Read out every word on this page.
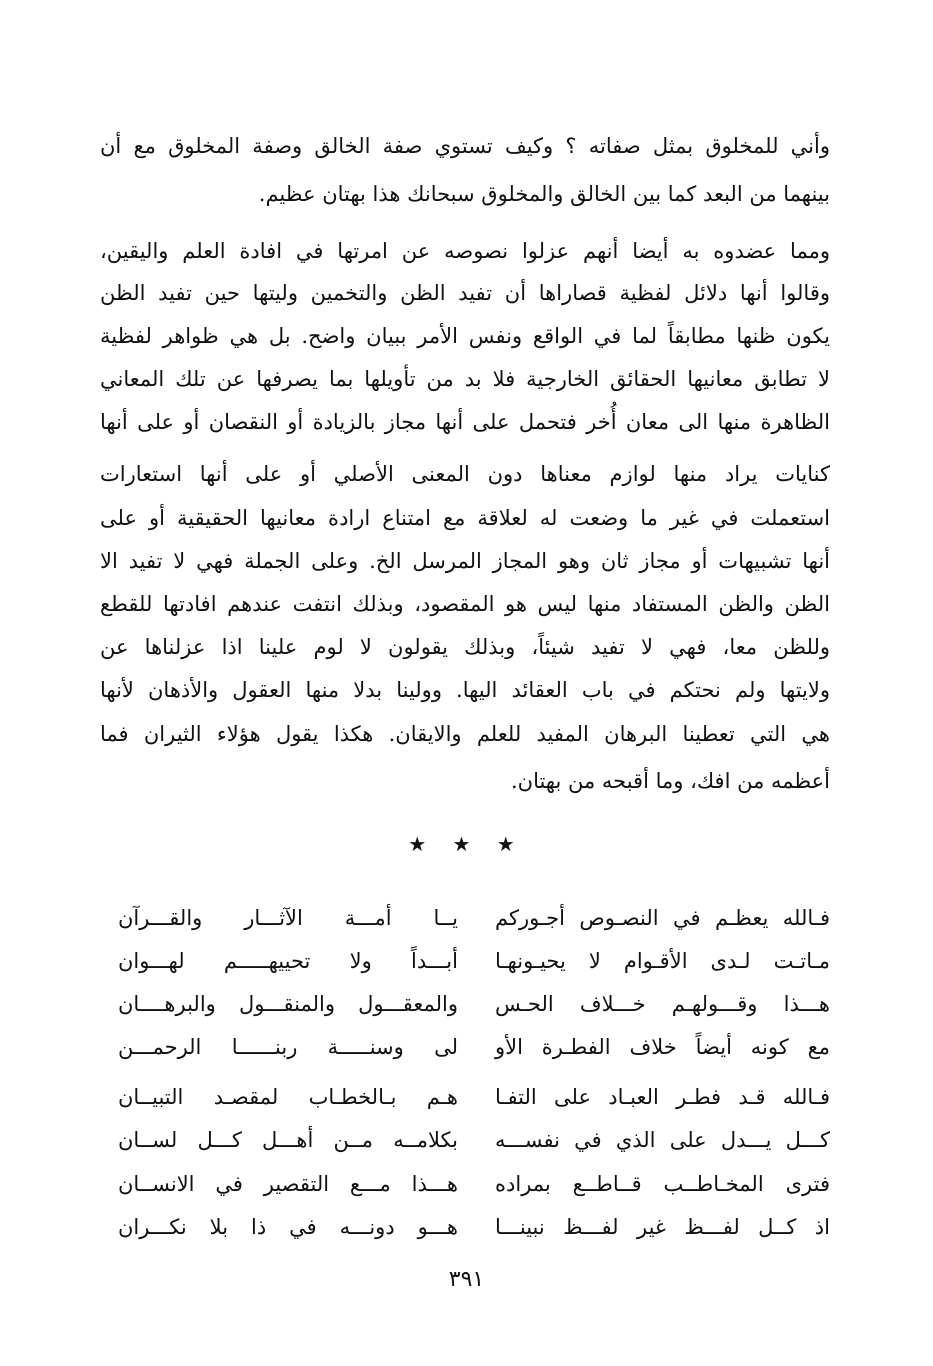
وأني للمخلوق بمثل صفاته ؟ وكيف تستوي صفة الخالق وصفة المخلوق مع أن
بينهما من البعد كما بين الخالق والمخلوق سبحانك هذا بهتان عظيم.
ومما عضدوه به أيضا أنهم عزلوا نصوصه عن امرتها في افادة العلم واليقين،
وقالوا أنها دلائل لفظية قصاراها أن تفيد الظن والتخمين وليتها حين تفيد الظن
يكون ظنها مطابقاً لما في الواقع ونفس الأمر ببيان واضح. بل هي ظواهر لفظية
لا تطابق معانيها الحقائق الخارجية فلا بد من تأويلها بما يصرفها عن تلك المعاني
الظاهرة منها الى معان أُخر فتحمل على أنها مجاز بالزيادة أو النقصان أو على أنها
كنايات يراد منها لوازم معناها دون المعنى الأصلي أو على أنها استعارات
استعملت في غير ما وضعت له لعلاقة مع امتناع ارادة معانيها الحقيقية أو على
أنها تشبيهات أو مجاز ثان وهو المجاز المرسل الخ. وعلى الجملة فهي لا تفيد الا
الظن والظن المستفاد منها ليس هو المقصود، وبذلك انتفت عندهم افادتها للقطع
وللظن معا، فهي لا تفيد شيئاً، وبذلك يقولون لا لوم علينا اذا عزلناها عن
ولايتها ولم نحتكم في باب العقائد اليها. وولينا بدلا منها العقول والأذهان لأنها
هي التي تعطينا البرهان المفيد للعلم والايقان. هكذا يقول هؤلاء الثيران فما
أعظمه من افك، وما أقبحه من بهتان.
★ ★ ★
فـالله يعظـم في النصـوص أجـوركم
يــا أمـــة الآثـــار والقـــرآن
مـاتـت لـدى الأقـوام لا يحيـونهـا
أبـــداً ولا تحييهـــــم لهـــوان
هـــذا وقـــولهـم خـــلاف الحـس
والمعقـــول والمنقـــول والبرهــــان
مع كونه أيضاً خلاف الفطـرة الأو
لى وسنـــــة ربنــــــا الرحمـــن
فـالله قـد فطـر العبـاد على التفـا
هـم بـالخطـاب لمقصـد التبيــان
كـــل يـــدل على الذي في نفســـه
بكلامــه مــن أهـــل كـــل لســان
فترى المخـاطــب قــاطــع بمراده
هـــذا مـــع التقصير في الانســان
اذ كــل لفـــظ غير لفـــظ نبينـــا
هـــو دونـــه في ذا بلا نكـــران
٣٩١
